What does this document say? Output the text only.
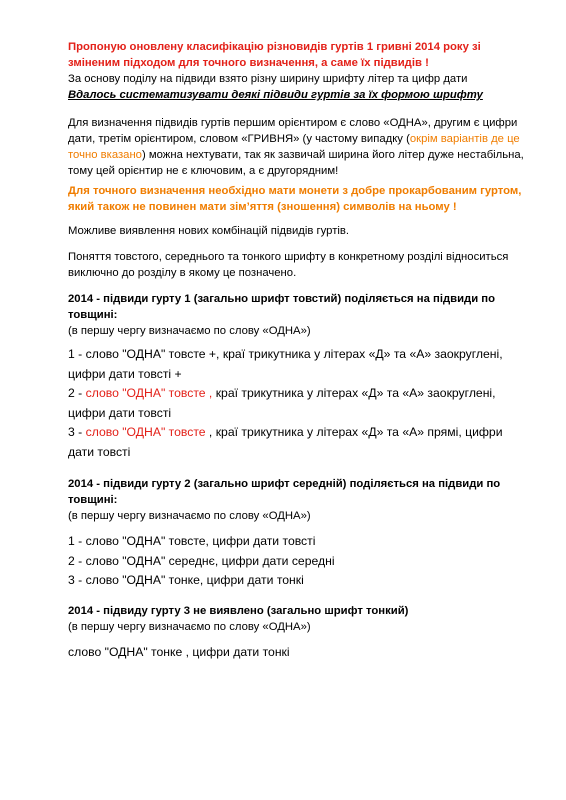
Пропоную оновлену класифікацію різновидів гуртів 1 гривні 2014 року зі зміненим підходом для точного визначення, а саме їх підвидів !

За основу поділу на підвиди взято різну ширину шрифту літер та цифр дати

Вдалось систематизувати деякі підвиди гуртів за їх формою шрифту

Для визначення підвидів гуртів першим орієнтиром є слово «ОДНА», другим є цифри дати, третім орієнтиром, словом «ГРИВНЯ» (у частому випадку (окрім варіантів де це точно вказано) можна нехтувати, так як зазвичай ширина його літер дуже нестабільна, тому цей орієнтир не є ключовим, а є другорядним!

Для точного визначення необхідно мати монети з добре прокарбованим гуртом, який також не повинен мати зім’яття (зношення) символів на ньому !

Можливе виявлення нових комбінацій підвидів гуртів.

Поняття товстого, середнього та тонкого шрифту в конкретному розділі відноситься виключно до розділу в якому це позначено.

2014 - підвиди гурту 1 (загально шрифт товстий) поділяється на підвиди по товщині:

(в першу чергу визначаємо по слову «ОДНА»)

1 - слово "ОДНА" товсте +, краї трикутника у літерах «Д» та «А» заокруглені, цифри дати товсті +

2 - слово "ОДНА" товсте , краї трикутника у літерах «Д» та «А» заокруглені, цифри дати товсті

3 - слово "ОДНА" товсте , краї трикутника у літерах «Д» та «А» прямі, цифри дати товсті

2014 - підвиди гурту 2 (загально шрифт середній) поділяється на підвиди по товщині:

(в першу чергу визначаємо по слову «ОДНА»)

1 - слово "ОДНА" товсте, цифри дати товсті

2 - слово "ОДНА" середнє, цифри дати середні

3 - слово "ОДНА" тонке, цифри дати тонкі

2014 - підвиду гурту 3 не виявлено (загально шрифт тонкий)

(в першу чергу визначаємо по слову «ОДНА»)

слово "ОДНА" тонке , цифри дати тонкі
